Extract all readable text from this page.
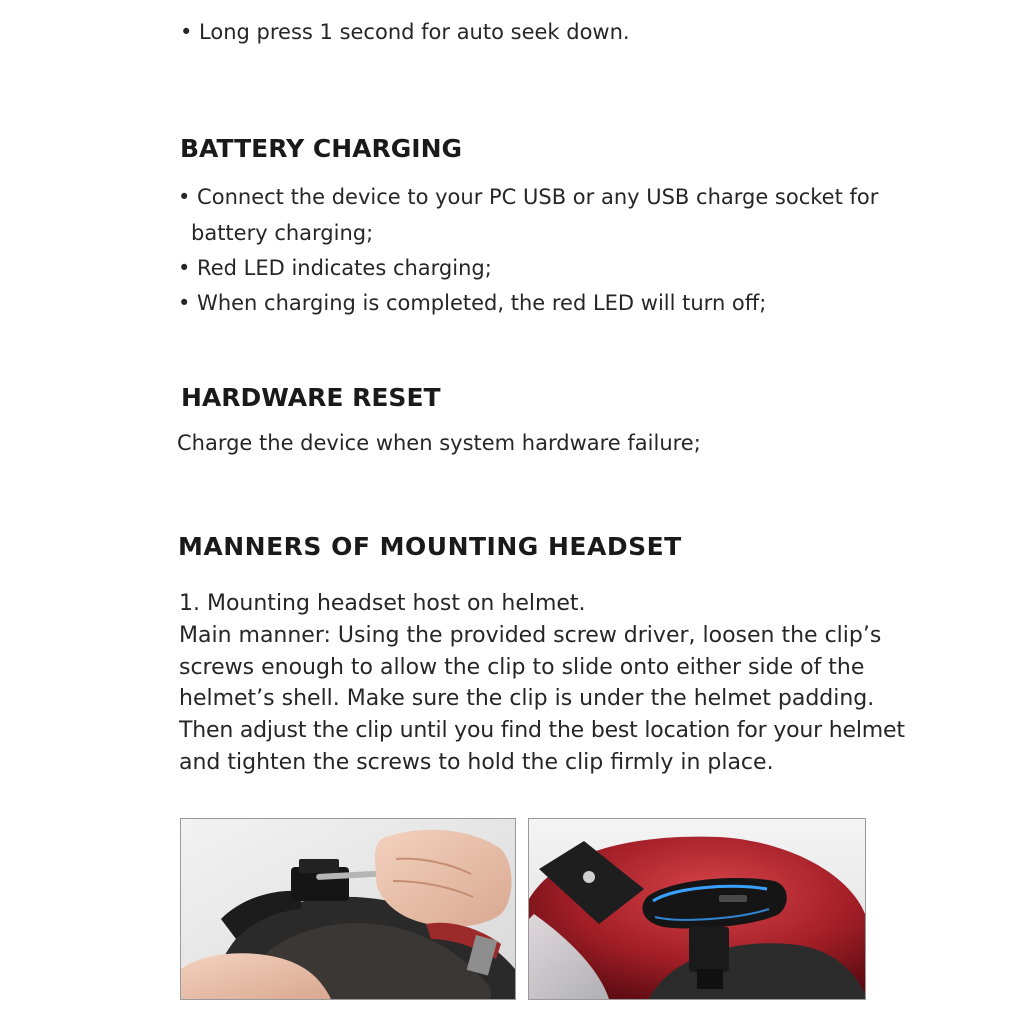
• Long press 1 second for auto seek down.
BATTERY CHARGING
• Connect the device to your PC USB or any USB charge socket for
battery charging;
• Red LED indicates charging;
• When charging is completed, the red LED will turn off;
HARDWARE RESET
Charge the device when system hardware failure;
MANNERS OF MOUNTING HEADSET
1. Mounting headset host on helmet.
Main manner: Using the provided screw driver, loosen the clip’s
screws enough to allow the clip to slide onto either side of the
helmet’s shell. Make sure the clip is under the helmet padding.
Then adjust the clip until you find the best location for your helmet
and tighten the screws to hold the clip firmly in place.
